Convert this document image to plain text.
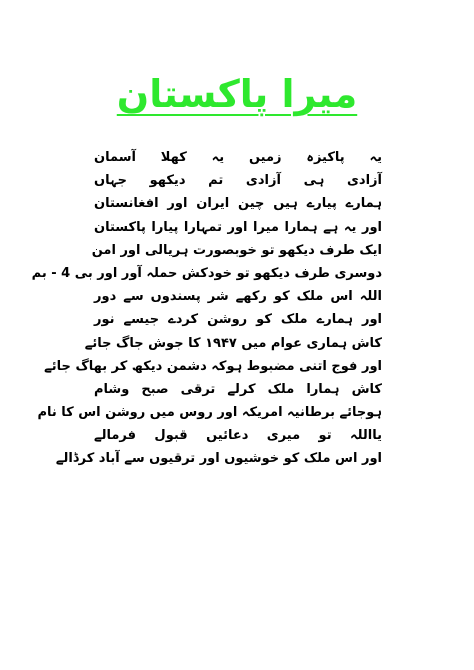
میرا پاکستان
یہ پاکیزہ زمیں یہ کھلا آسمان
آزادی ہی آزادی تم دیکھو جہاں
ہمارے پیارے ہیں چین ایران اور افغانستان
اور یہ ہے ہمارا میرا اور تمہارا پیارا پاکستان
ایک طرف دیکھو تو خوبصورت ہریالی اور امن
دوسری طرف دیکھو تو خودکش حملہ آور اور بی 4 - بم
اللہ اس ملک کو رکھے شر پسندوں سے دور
اور ہمارے ملک کو روشن کردے جیسے نور
کاش ہماری عوام میں ۱۹۴۷ کا جوش جاگ جائے
اور فوج اتنی مضبوط ہوکہ دشمن دیکھ کر بھاگ جائے
کاش ہمارا ملک کرلے ترقی صبح وشام
ہوجائے برطانیہ امریکہ اور روس میں روشن اس کا نام
یااللہ تو میری دعائیں قبول فرمالے
اور اس ملک کو خوشیوں اور ترقیوں سے آباد کرڈالے
